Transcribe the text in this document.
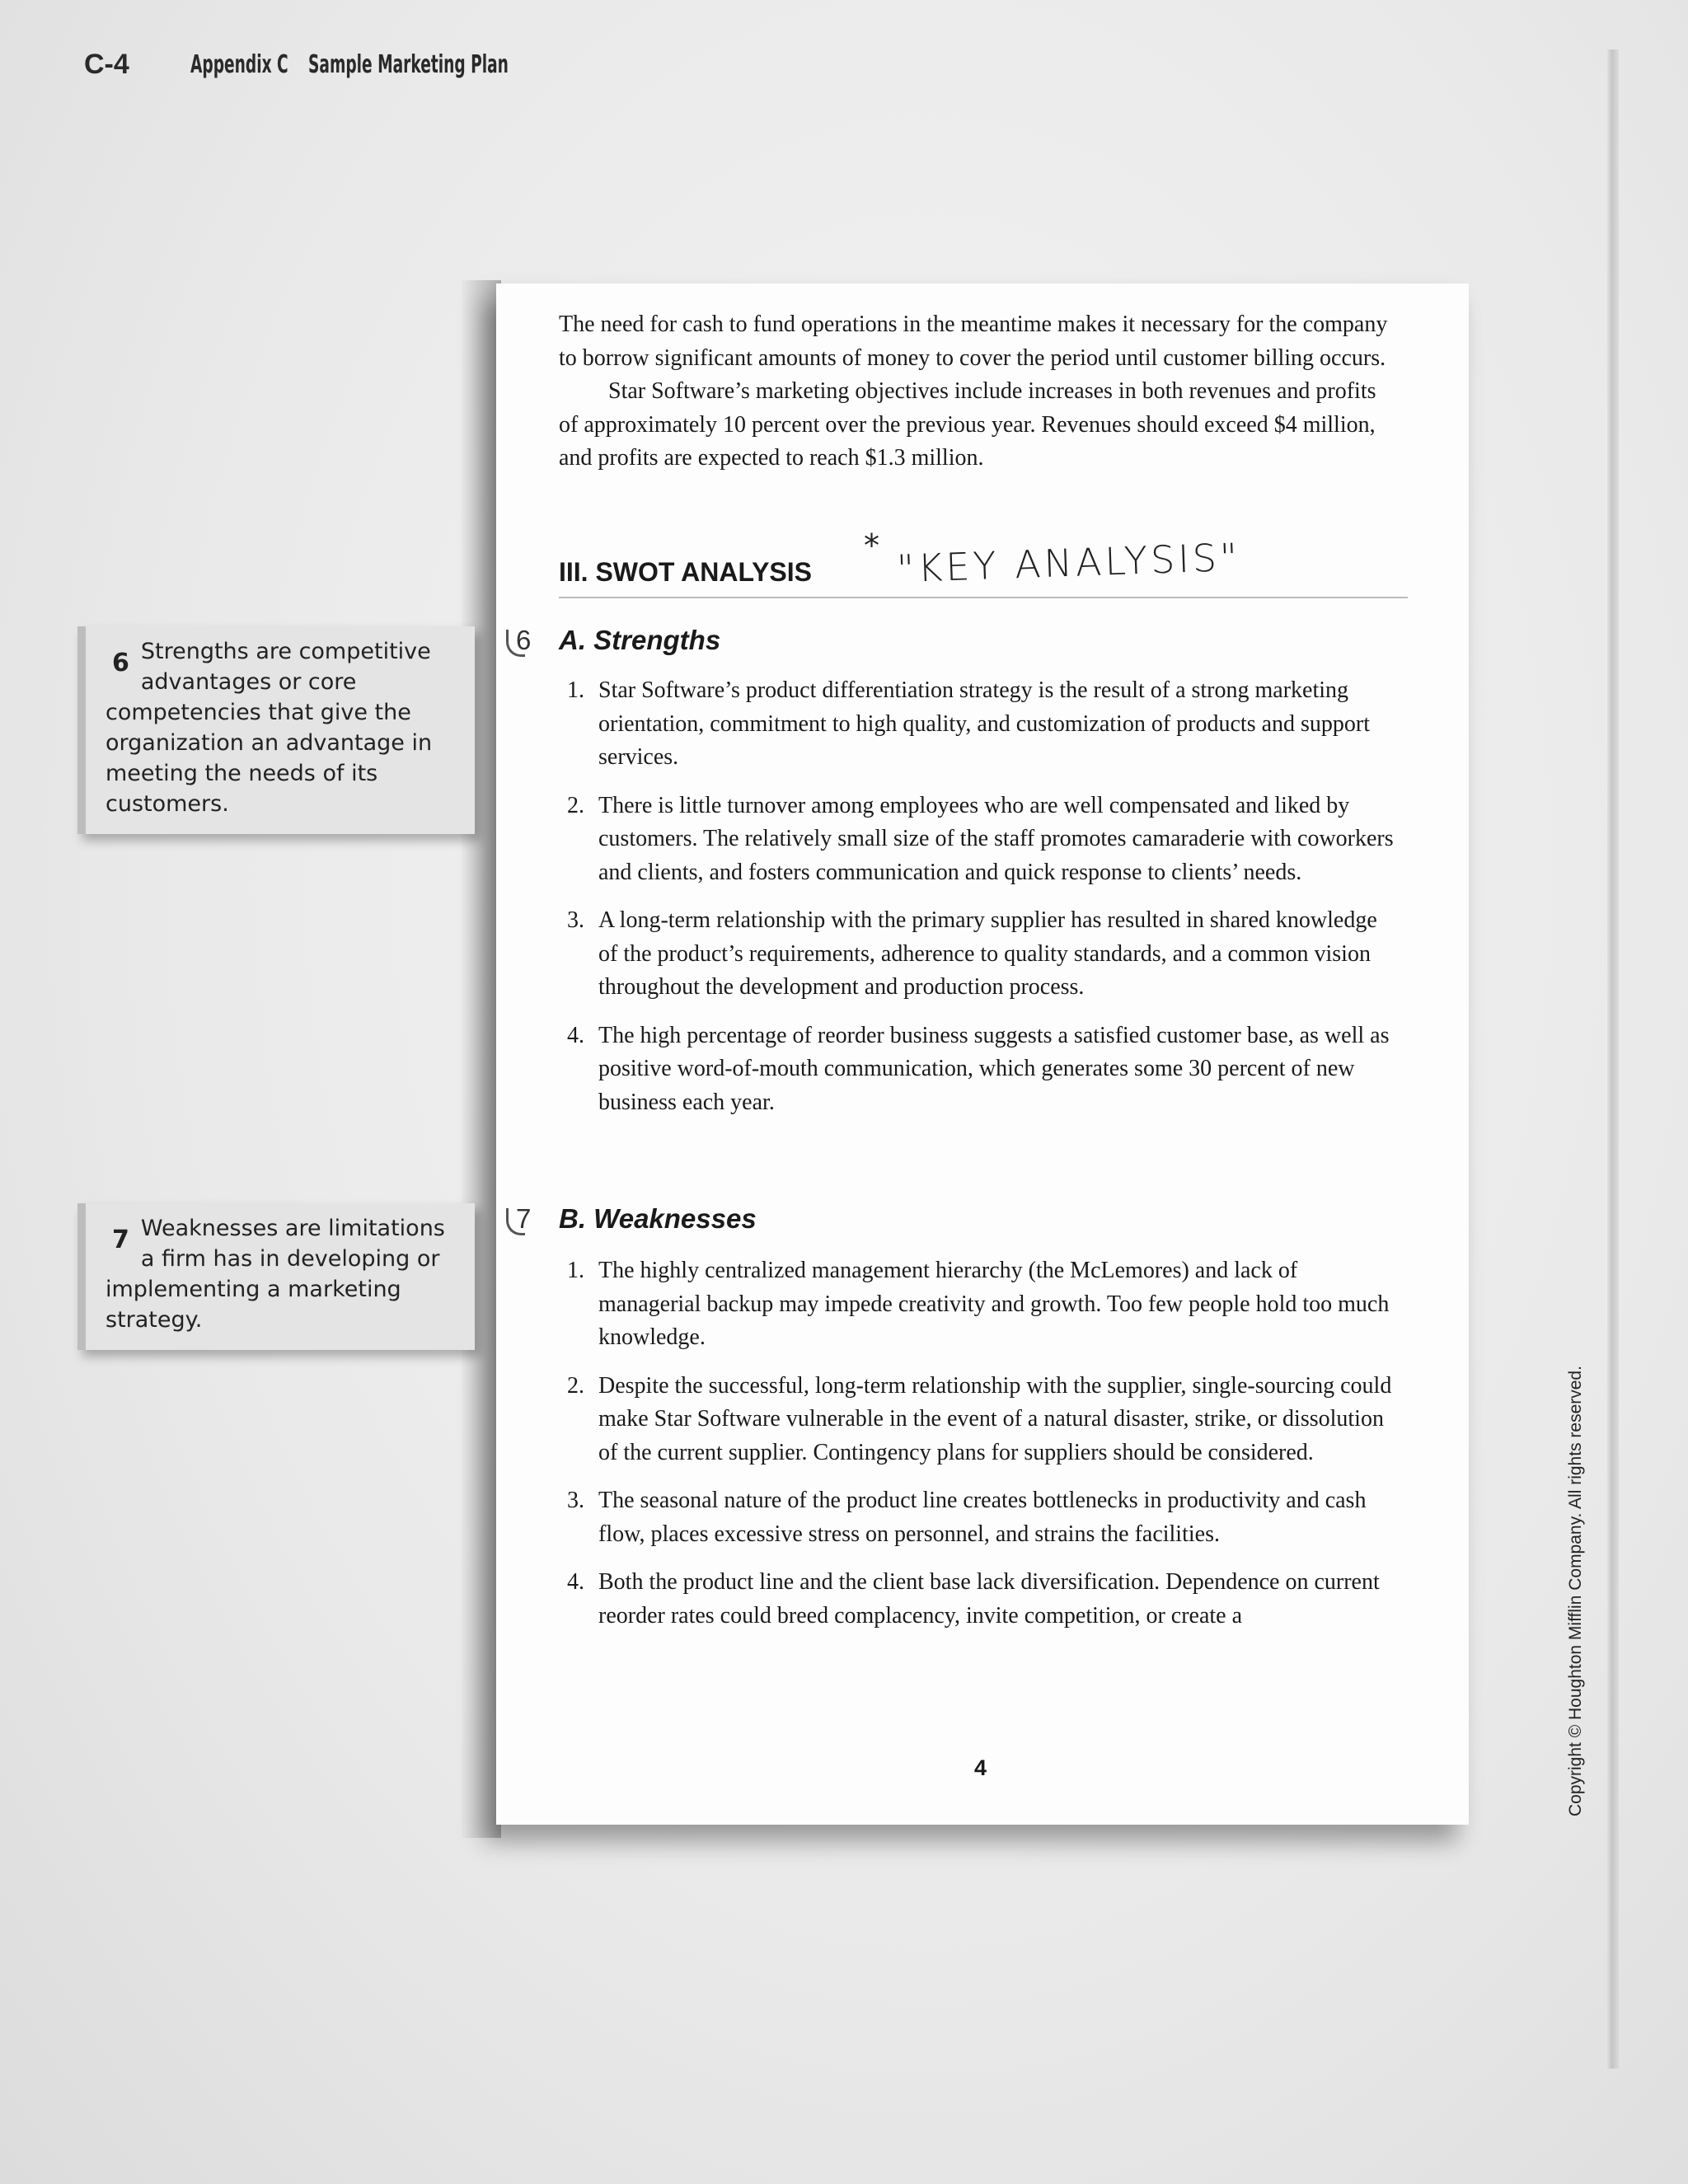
C-4 Appendix C Sample Marketing Plan

The need for cash to fund operations in the meantime makes it necessary for the company to borrow significant amounts of money to cover the period until customer billing occurs.

Star Software’s marketing objectives include increases in both revenues and profits of approximately 10 percent over the previous year. Revenues should exceed $4 million, and profits are expected to reach $1.3 million.

III. SWOT ANALYSIS
* "KEY ANALYSIS"
6 A. Strengths
1. Star Software’s product differentiation strategy is the result of a strong marketing orientation, commitment to high quality, and customization of products and support services.
2. There is little turnover among employees who are well compensated and liked by customers. The relatively small size of the staff promotes camaraderie with coworkers and clients, and fosters communication and quick response to clients’ needs.
3. A long-term relationship with the primary supplier has resulted in shared knowledge of the product’s requirements, adherence to quality standards, and a common vision throughout the development and production process.
4. The high percentage of reorder business suggests a satisfied customer base, as well as positive word-of-mouth communication, which generates some 30 percent of new business each year.
7 B. Weaknesses
1. The highly centralized management hierarchy (the McLemores) and lack of managerial backup may impede creativity and growth. Too few people hold too much knowledge.
2. Despite the successful, long-term relationship with the supplier, single-sourcing could make Star Software vulnerable in the event of a natural disaster, strike, or dissolution of the current supplier. Contingency plans for suppliers should be considered.
3. The seasonal nature of the product line creates bottlenecks in productivity and cash flow, places excessive stress on personnel, and strains the facilities.
4. Both the product line and the client base lack diversification. Dependence on current reorder rates could breed complacency, invite competition, or create a
6 Strengths are competitive advantages or core competencies that give the organization an advantage in meeting the needs of its customers.
7 Weaknesses are limitations a firm has in developing or implementing a marketing strategy.
4	Copyright © Houghton Mifflin Company. All rights reserved.
